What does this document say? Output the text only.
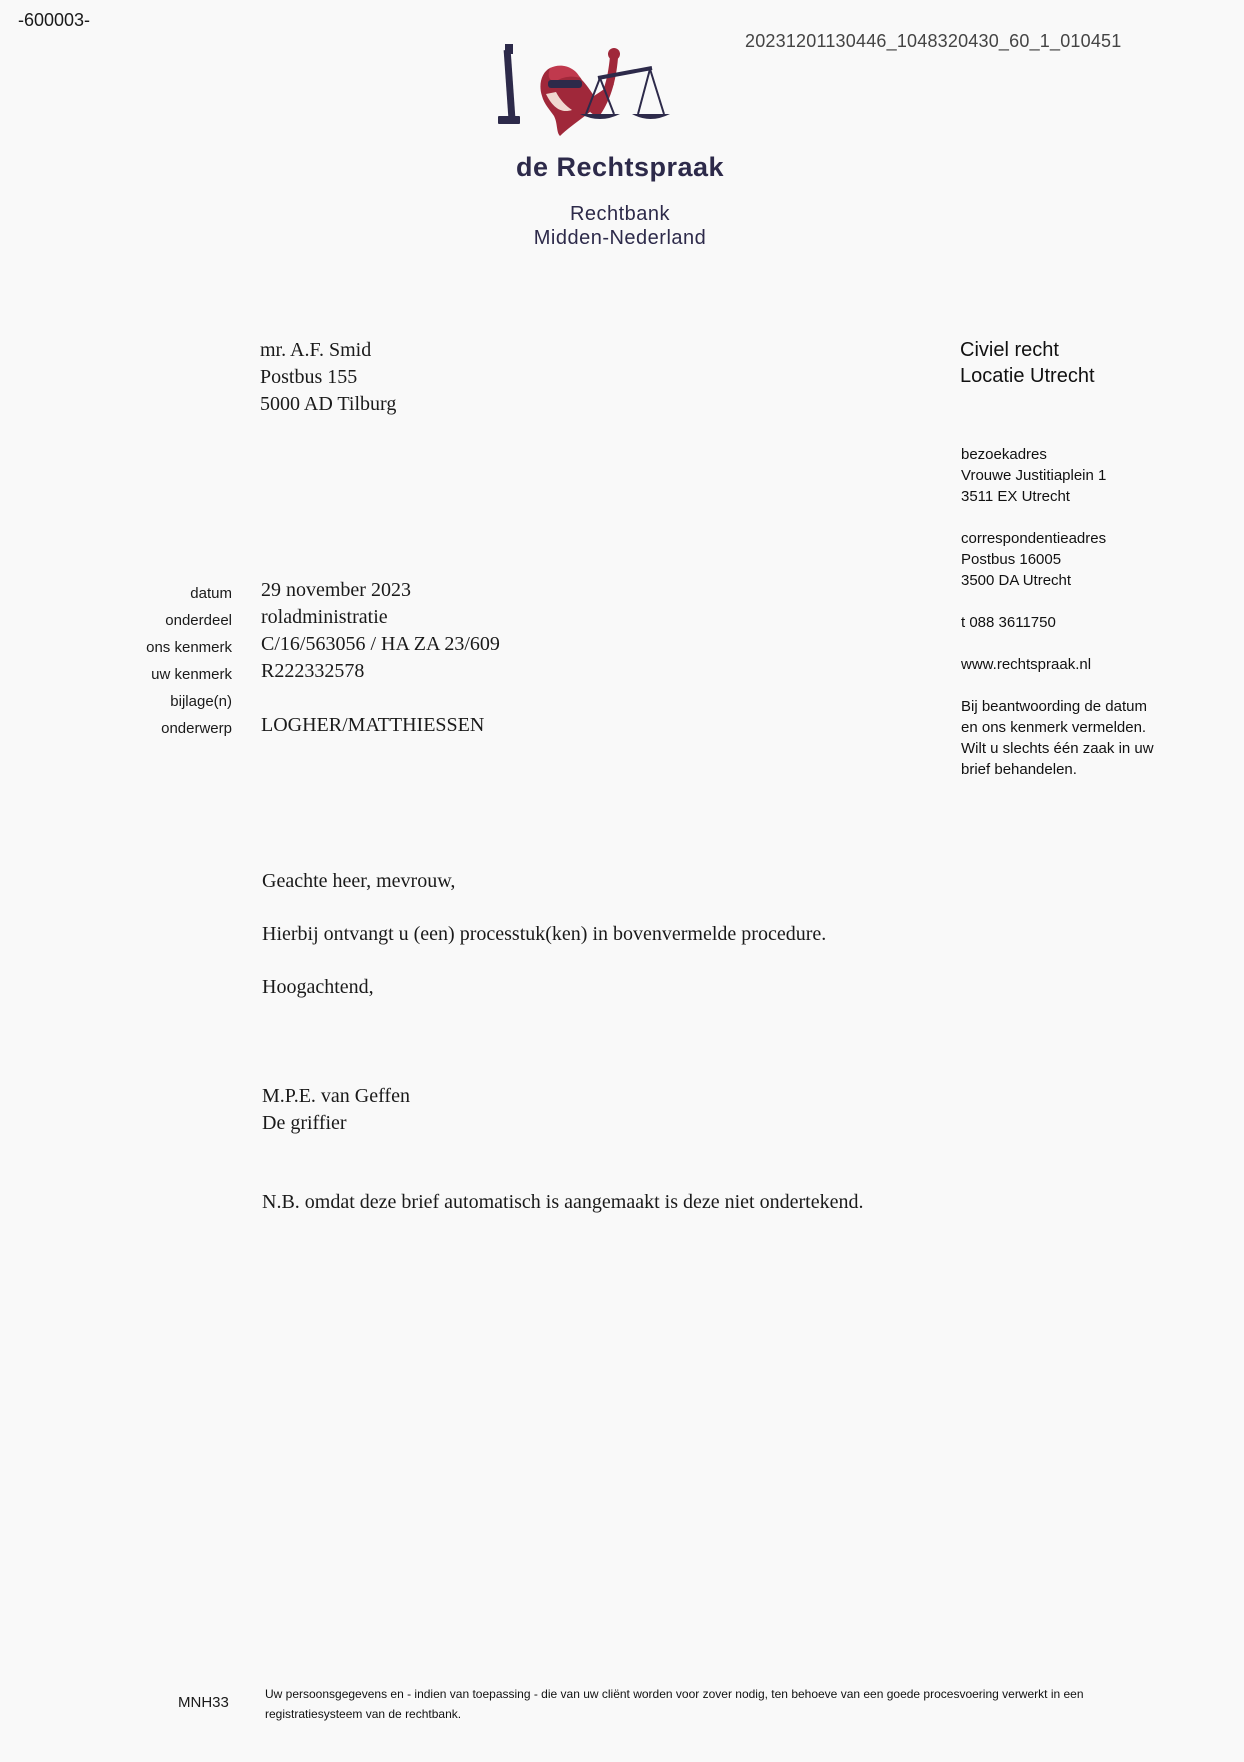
-600003-
20231201130446_1048320430_60_1_010451
de Rechtspraak
Rechtbank
Midden-Nederland
mr. A.F. Smid
Postbus 155
5000 AD Tilburg
Civiel recht
Locatie Utrecht
bezoekadres
Vrouwe Justitiaplein 1
3511 EX Utrecht
correspondentieadres
Postbus 16005
3500 DA Utrecht
t 088 3611750
www.rechtspraak.nl
Bij beantwoording de datum
en ons kenmerk vermelden.
Wilt u slechts één zaak in uw
brief behandelen.
datum
onderdeel
ons kenmerk
uw kenmerk
bijlage(n)
onderwerp
29 november 2023
roladministratie
C/16/563056 / HA ZA 23/609
R222332578
LOGHER/MATTHIESSEN

Geachte heer, mevrouw,

Hierbij ontvangt u (een) processtuk(ken) in bovenvermelde procedure.

Hoogachtend,

M.P.E. van Geffen

De griffier

N.B. omdat deze brief automatisch is aangemaakt is deze niet ondertekend.

MNH33	Uw persoonsgegevens en - indien van toepassing - die van uw cliënt worden voor zover nodig, ten behoeve van een goede procesvoering verwerkt in een
registratiesysteem van de rechtbank.
